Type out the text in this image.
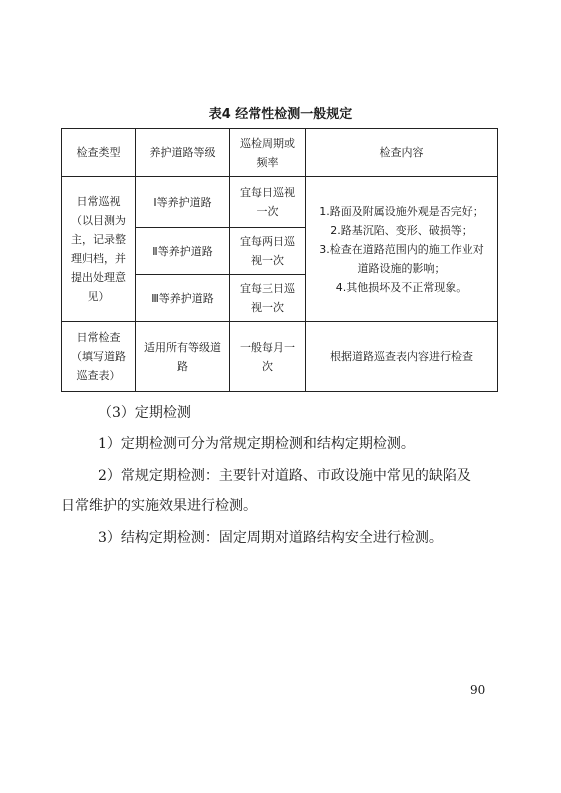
表4 经常性检测一般规定
检查类型	养护道路等级	巡检周期或频率	检查内容
日常巡视（以目测为主，记录整理归档，并提出处理意见）	Ⅰ等养护道路	宜每日巡视一次	1.路面及附属设施外观是否完好；
2.路基沉陷、变形、破损等；
3.检查在道路范围内的施工作业对道路设施的影响；
4.其他损坏及不正常现象。

	Ⅱ等养护道路	宜每两日巡视一次	
	Ⅲ等养护道路	宜每三日巡视一次	
日常检查（填写道路巡查表）	适用所有等级道路	一般每月一次	根据道路巡查表内容进行检查
（3）定期检测
1）定期检测可分为常规定期检测和结构定期检测。
2）常规定期检测：主要针对道路、市政设施中常见的缺陷及
日常维护的实施效果进行检测。
3）结构定期检测：固定周期对道路结构安全进行检测。
90
